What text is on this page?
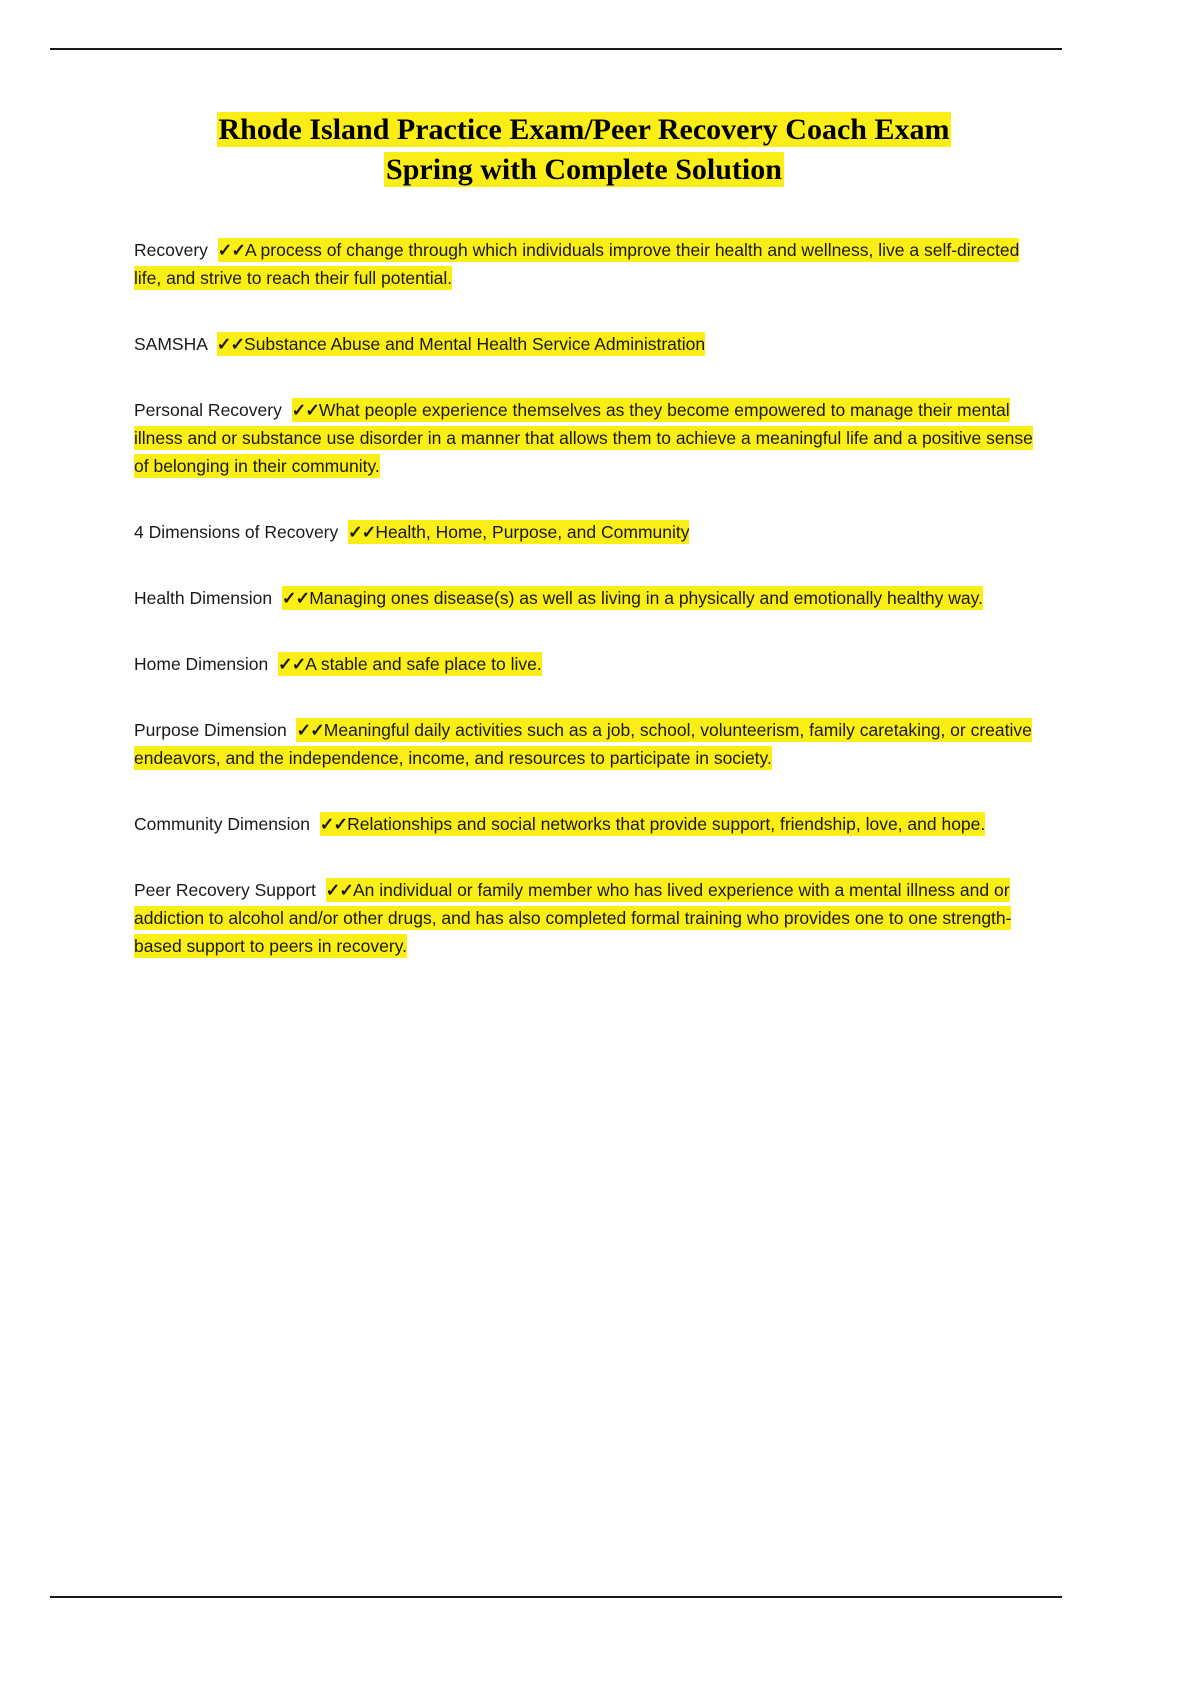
Rhode Island Practice Exam/Peer Recovery Coach Exam
Spring with Complete Solution

Recovery ✓✓A process of change through which individuals improve their health and wellness, live a self-directed life, and strive to reach their full potential.

SAMSHA ✓✓Substance Abuse and Mental Health Service Administration

Personal Recovery ✓✓What people experience themselves as they become empowered to manage their mental illness and or substance use disorder in a manner that allows them to achieve a meaningful life and a positive sense of belonging in their community.

4 Dimensions of Recovery ✓✓Health, Home, Purpose, and Community

Health Dimension ✓✓Managing ones disease(s) as well as living in a physically and emotionally healthy way.

Home Dimension ✓✓A stable and safe place to live.

Purpose Dimension ✓✓Meaningful daily activities such as a job, school, volunteerism, family caretaking, or creative endeavors, and the independence, income, and resources to participate in society.

Community Dimension ✓✓Relationships and social networks that provide support, friendship, love, and hope.

Peer Recovery Support ✓✓An individual or family member who has lived experience with a mental illness and or addiction to alcohol and/or other drugs, and has also completed formal training who provides one to one strength-based support to peers in recovery.
